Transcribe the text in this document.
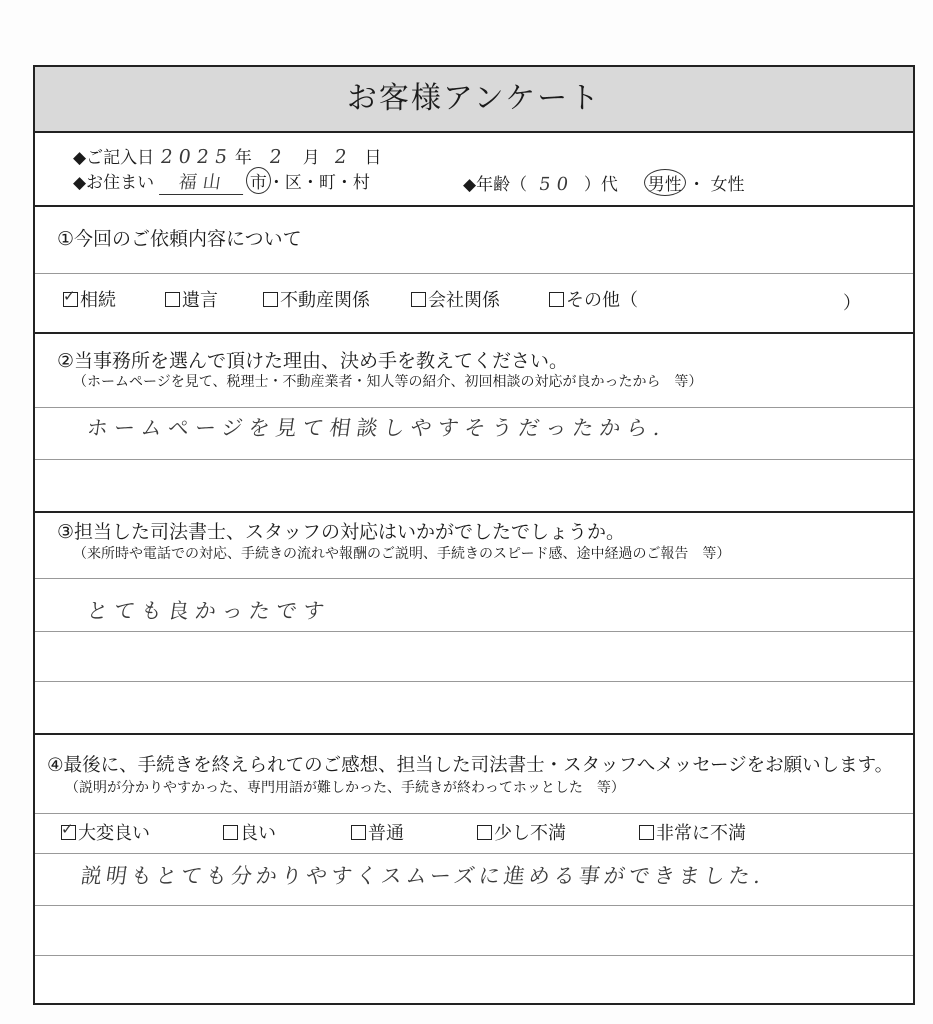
お客様アンケート
◆ご記入日 2025 年 2 月 2 日
◆お住まい 福山 市・区・町・村	◆年齢（ 50 ）代 男性 ・ 女性
①今回のご依頼内容について
✓相続	遺言	不動産関係	会社関係	その他（	）
②当事務所を選んで頂けた理由、決め手を教えてください。
（ホームページを見て、税理士・不動産業者・知人等の紹介、初回相談の対応が良かったから　等）
ホームページを見て相談しやすそうだったから.
③担当した司法書士、スタッフの対応はいかがでしたでしょうか。
（来所時や電話での対応、手続きの流れや報酬のご説明、手続きのスピード感、途中経過のご報告　等）
とても良かったです
④最後に、手続きを終えられてのご感想、担当した司法書士・スタッフへメッセージをお願いします。
（説明が分かりやすかった、専門用語が難しかった、手続きが終わってホッとした　等）
✓大変良い	良い	普通	少し不満	非常に不満
説明もとても分かりやすくスムーズに進める事ができました.
